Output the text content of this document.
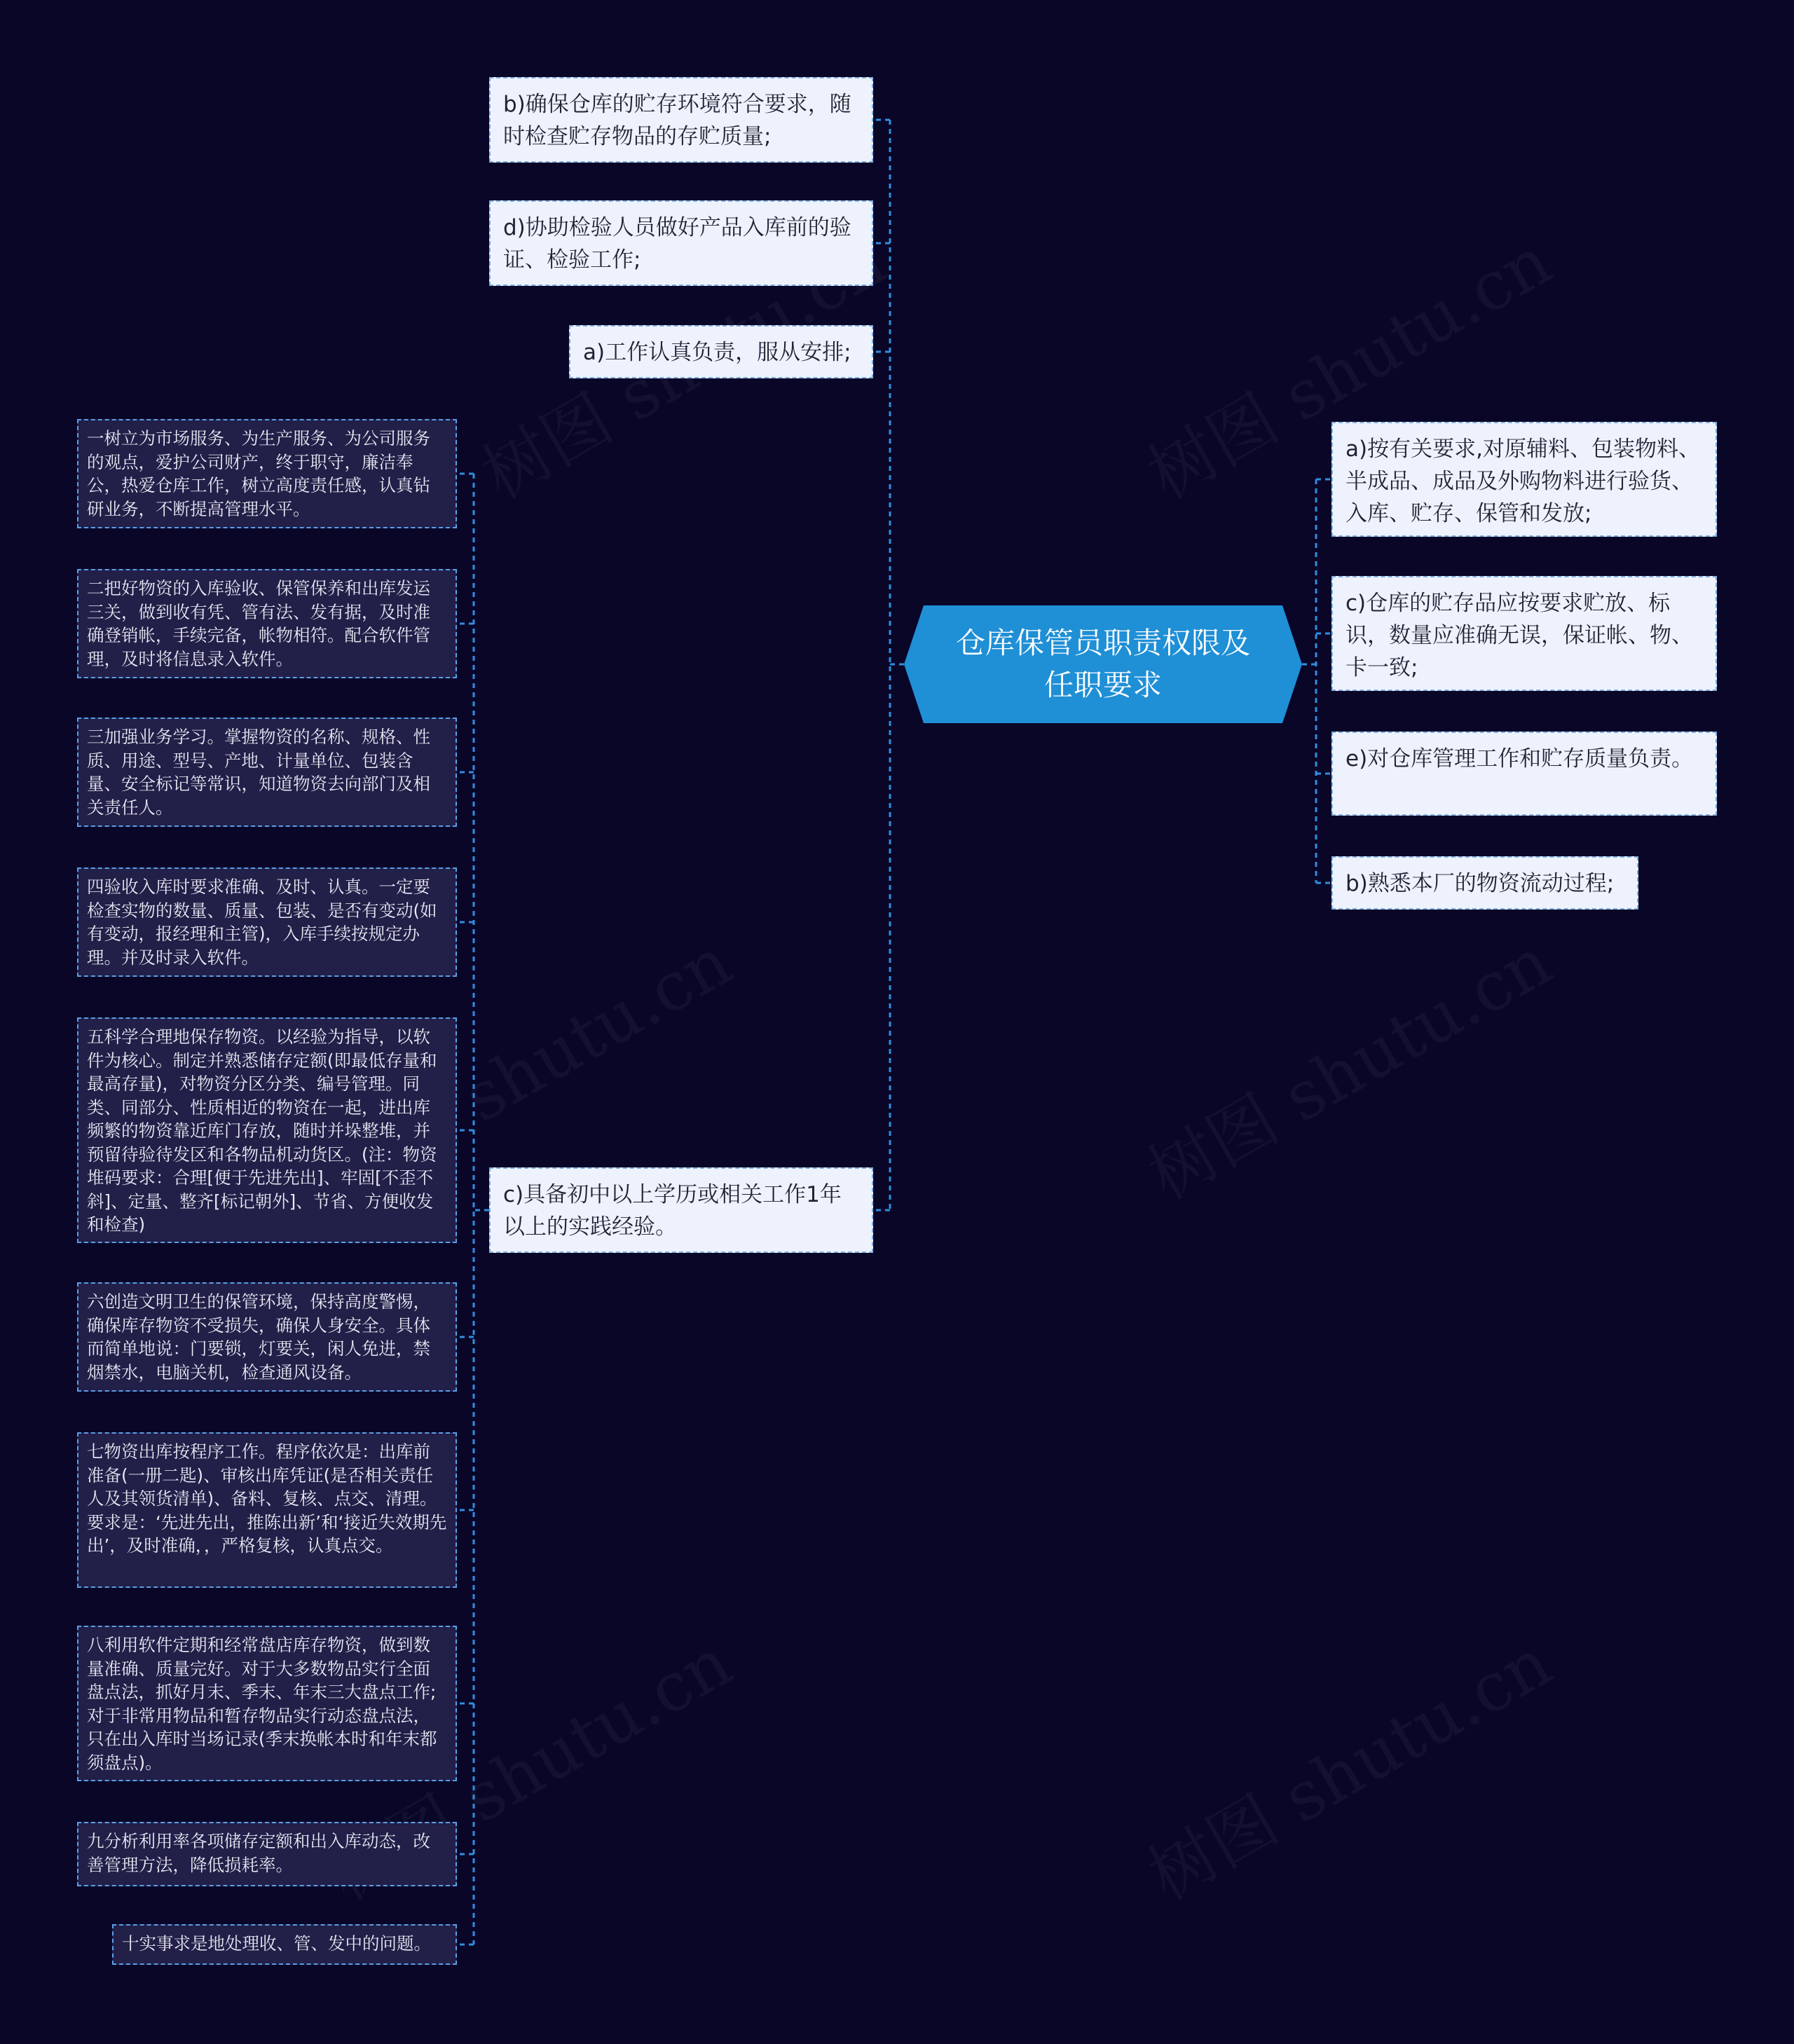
仓库保管员职责权限及任职要求
b)确保仓库的贮存环境符合要求，随时检查贮存物品的存贮质量;
d)协助检验人员做好产品入库前的验证、检验工作;
a)工作认真负责，服从安排;
c)具备初中以上学历或相关工作1年以上的实践经验。
a)按有关要求,对原辅料、包装物料、半成品、成品及外购物料进行验货、入库、贮存、保管和发放;
c)仓库的贮存品应按要求贮放、标识，数量应准确无误，保证帐、物、卡一致;
e)对仓库管理工作和贮存质量负责。
b)熟悉本厂的物资流动过程;
一树立为市场服务、为生产服务、为公司服务的观点，爱护公司财产，终于职守，廉洁奉公，热爱仓库工作，树立高度责任感，认真钻研业务，不断提高管理水平。
二把好物资的入库验收、保管保养和出库发运三关，做到收有凭、管有法、发有据，及时准确登销帐，手续完备，帐物相符。配合软件管理，及时将信息录入软件。
三加强业务学习。掌握物资的名称、规格、性质、用途、型号、产地、计量单位、包装含量、安全标记等常识，知道物资去向部门及相关责任人。
四验收入库时要求准确、及时、认真。一定要检查实物的数量、质量、包装、是否有变动(如有变动，报经理和主管)，入库手续按规定办理。并及时录入软件。
五科学合理地保存物资。以经验为指导，以软件为核心。制定并熟悉储存定额(即最低存量和最高存量)，对物资分区分类、编号管理。同类、同部分、性质相近的物资在一起，进出库频繁的物资靠近库门存放，随时并垛整堆，并预留待验待发区和各物品机动货区。(注：物资堆码要求：合理[便于先进先出]、牢固[不歪不斜]、定量、整齐[标记朝外]、节省、方便收发和检查)
六创造文明卫生的保管环境，保持高度警惕，确保库存物资不受损失，确保人身安全。具体而简单地说：门要锁，灯要关，闲人免进，禁烟禁水，电脑关机，检查通风设备。
七物资出库按程序工作。程序依次是：出库前准备(一册二匙)、审核出库凭证(是否相关责任人及其领货清单)、备料、复核、点交、清理。要求是：‘先进先出，推陈出新’和‘接近失效期先出’，及时准确，，严格复核，认真点交。
八利用软件定期和经常盘店库存物资，做到数量准确、质量完好。对于大多数物品实行全面盘点法，抓好月末、季末、年末三大盘点工作;对于非常用物品和暂存物品实行动态盘点法，只在出入库时当场记录(季末换帐本时和年末都须盘点)。
九分析利用率各项储存定额和出入库动态，改善管理方法，降低损耗率。
十实事求是地处理收、管、发中的问题。
